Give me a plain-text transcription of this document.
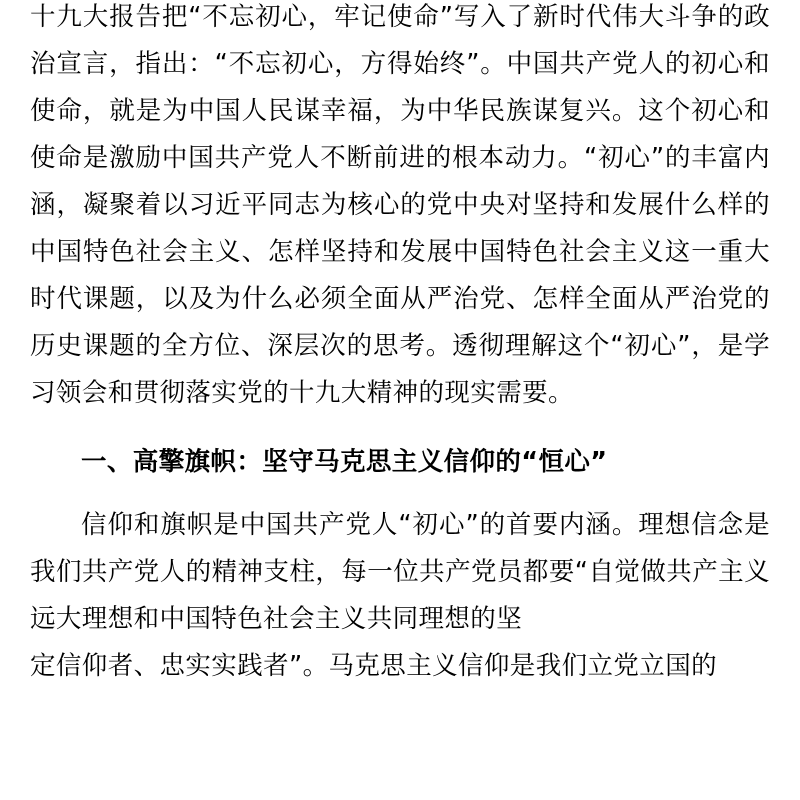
十九大报告把“不忘初心，牢记使命”写入了新时代伟大斗争的政治宣言，指出：“不忘初心，方得始终”。中国共产党人的初心和使命，就是为中国人民谋幸福，为中华民族谋复兴。这个初心和使命是激励中国共产党人不断前进的根本动力。“初心”的丰富内涵，凝聚着以习近平同志为核心的党中央对坚持和发展什么样的中国特色社会主义、怎样坚持和发展中国特色社会主义这一重大时代课题，以及为什么必须全面从严治党、怎样全面从严治党的历史课题的全方位、深层次的思考。透彻理解这个“初心”，是学习领会和贯彻落实党的十九大精神的现实需要。

一、高擎旗帜：坚守马克思主义信仰的“恒心”

信仰和旗帜是中国共产党人“初心”的首要内涵。理想信念是我们共产党人的精神支柱，每一位共产党员都要“自觉做共产主义远大理想和中国特色社会主义共同理想的坚

定信仰者、忠实实践者”。马克思主义信仰是我们立党立国的
